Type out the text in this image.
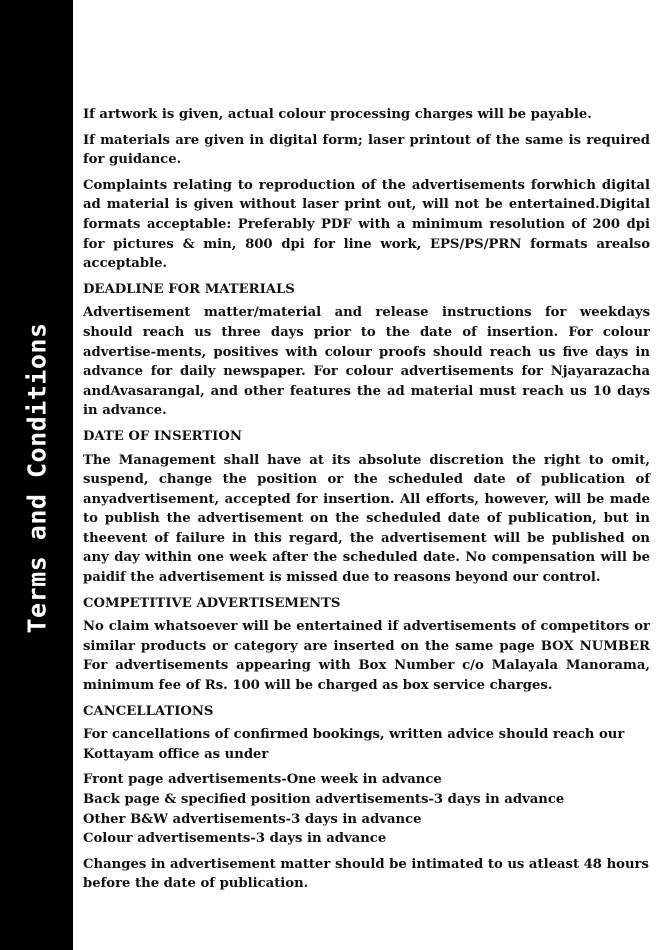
Terms and Conditions

If artwork is given, actual colour processing charges will be payable.

If materials are given in digital form; laser printout of the same is required for guidance.

Complaints relating to reproduction of the advertisements forwhich digital ad material is given without laser print out, will not be entertained.Digital formats acceptable: Preferably PDF with a minimum resolution of 200 dpi for pictures & min, 800 dpi for line work, EPS/PS/PRN formats arealso acceptable.

DEADLINE FOR MATERIALS

Advertisement matter/material and release instructions for weekdays should reach us three days prior to the date of insertion. For colour advertise-ments, positives with colour proofs should reach us five days in advance for daily newspaper. For colour advertisements for Njayarazacha andAvasarangal, and other features the ad material must reach us 10 days in advance.

DATE OF INSERTION

The Management shall have at its absolute discretion the right to omit, suspend, change the position or the scheduled date of publication of anyadvertisement, accepted for insertion. All efforts, however, will be made to publish the advertisement on the scheduled date of publication, but in theevent of failure in this regard, the advertisement will be published on any day within one week after the scheduled date. No compensation will be paidif the advertisement is missed due to reasons beyond our control.

COMPETITIVE ADVERTISEMENTS

No claim whatsoever will be entertained if advertisements of competitors or similar products or category are inserted on the same page BOX NUMBER For advertisements appearing with Box Number c/o Malayala Manorama, minimum fee of Rs. 100 will be charged as box service charges.

CANCELLATIONS

For cancellations of confirmed bookings, written advice should reach our Kottayam office as under

Front page advertisements-One week in advance

Back page & specified position advertisements-3 days in advance

Other B&W advertisements-3 days in advance

Colour advertisements-3 days in advance

Changes in advertisement matter should be intimated to us atleast 48 hours before the date of publication.
